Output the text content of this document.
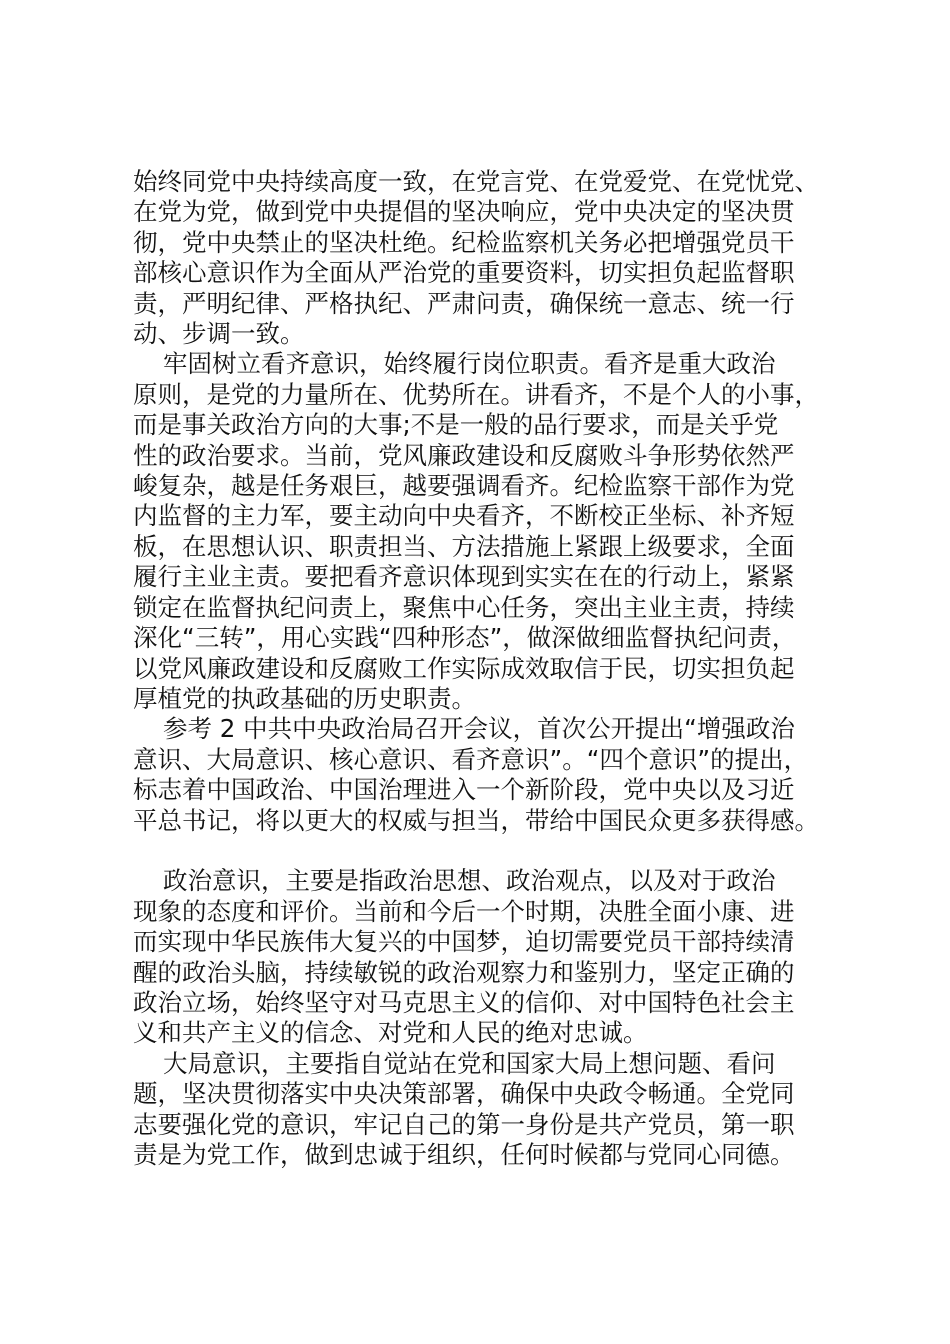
始终同党中央持续高度一致，在党言党、在党爱党、在党忧党、
在党为党，做到党中央提倡的坚决响应，党中央决定的坚决贯
彻，党中央禁止的坚决杜绝。纪检监察机关务必把增强党员干
部核心意识作为全面从严治党的重要资料，切实担负起监督职
责，严明纪律、严格执纪、严肃问责，确保统一意志、统一行
动、步调一致。
牢固树立看齐意识，始终履行岗位职责。看齐是重大政治
原则，是党的力量所在、优势所在。讲看齐，不是个人的小事，
而是事关政治方向的大事;不是一般的品行要求，而是关乎党
性的政治要求。当前，党风廉政建设和反腐败斗争形势依然严
峻复杂，越是任务艰巨，越要强调看齐。纪检监察干部作为党
内监督的主力军，要主动向中央看齐，不断校正坐标、补齐短
板，在思想认识、职责担当、方法措施上紧跟上级要求，全面
履行主业主责。要把看齐意识体现到实实在在的行动上，紧紧
锁定在监督执纪问责上，聚焦中心任务，突出主业主责，持续
深化“三转”，用心实践“四种形态”，做深做细监督执纪问责，
以党风廉政建设和反腐败工作实际成效取信于民，切实担负起
厚植党的执政基础的历史职责。
参考 2 中共中央政治局召开会议，首次公开提出“增强政治
意识、大局意识、核心意识、看齐意识”。“四个意识”的提出，
标志着中国政治、中国治理进入一个新阶段，党中央以及习近
平总书记，将以更大的权威与担当，带给中国民众更多获得感。
政治意识，主要是指政治思想、政治观点，以及对于政治
现象的态度和评价。当前和今后一个时期，决胜全面小康、进
而实现中华民族伟大复兴的中国梦，迫切需要党员干部持续清
醒的政治头脑，持续敏锐的政治观察力和鉴别力，坚定正确的
政治立场，始终坚守对马克思主义的信仰、对中国特色社会主
义和共产主义的信念、对党和人民的绝对忠诚。
大局意识，主要指自觉站在党和国家大局上想问题、看问
题，坚决贯彻落实中央决策部署，确保中央政令畅通。全党同
志要强化党的意识，牢记自己的第一身份是共产党员，第一职
责是为党工作，做到忠诚于组织，任何时候都与党同心同德。
